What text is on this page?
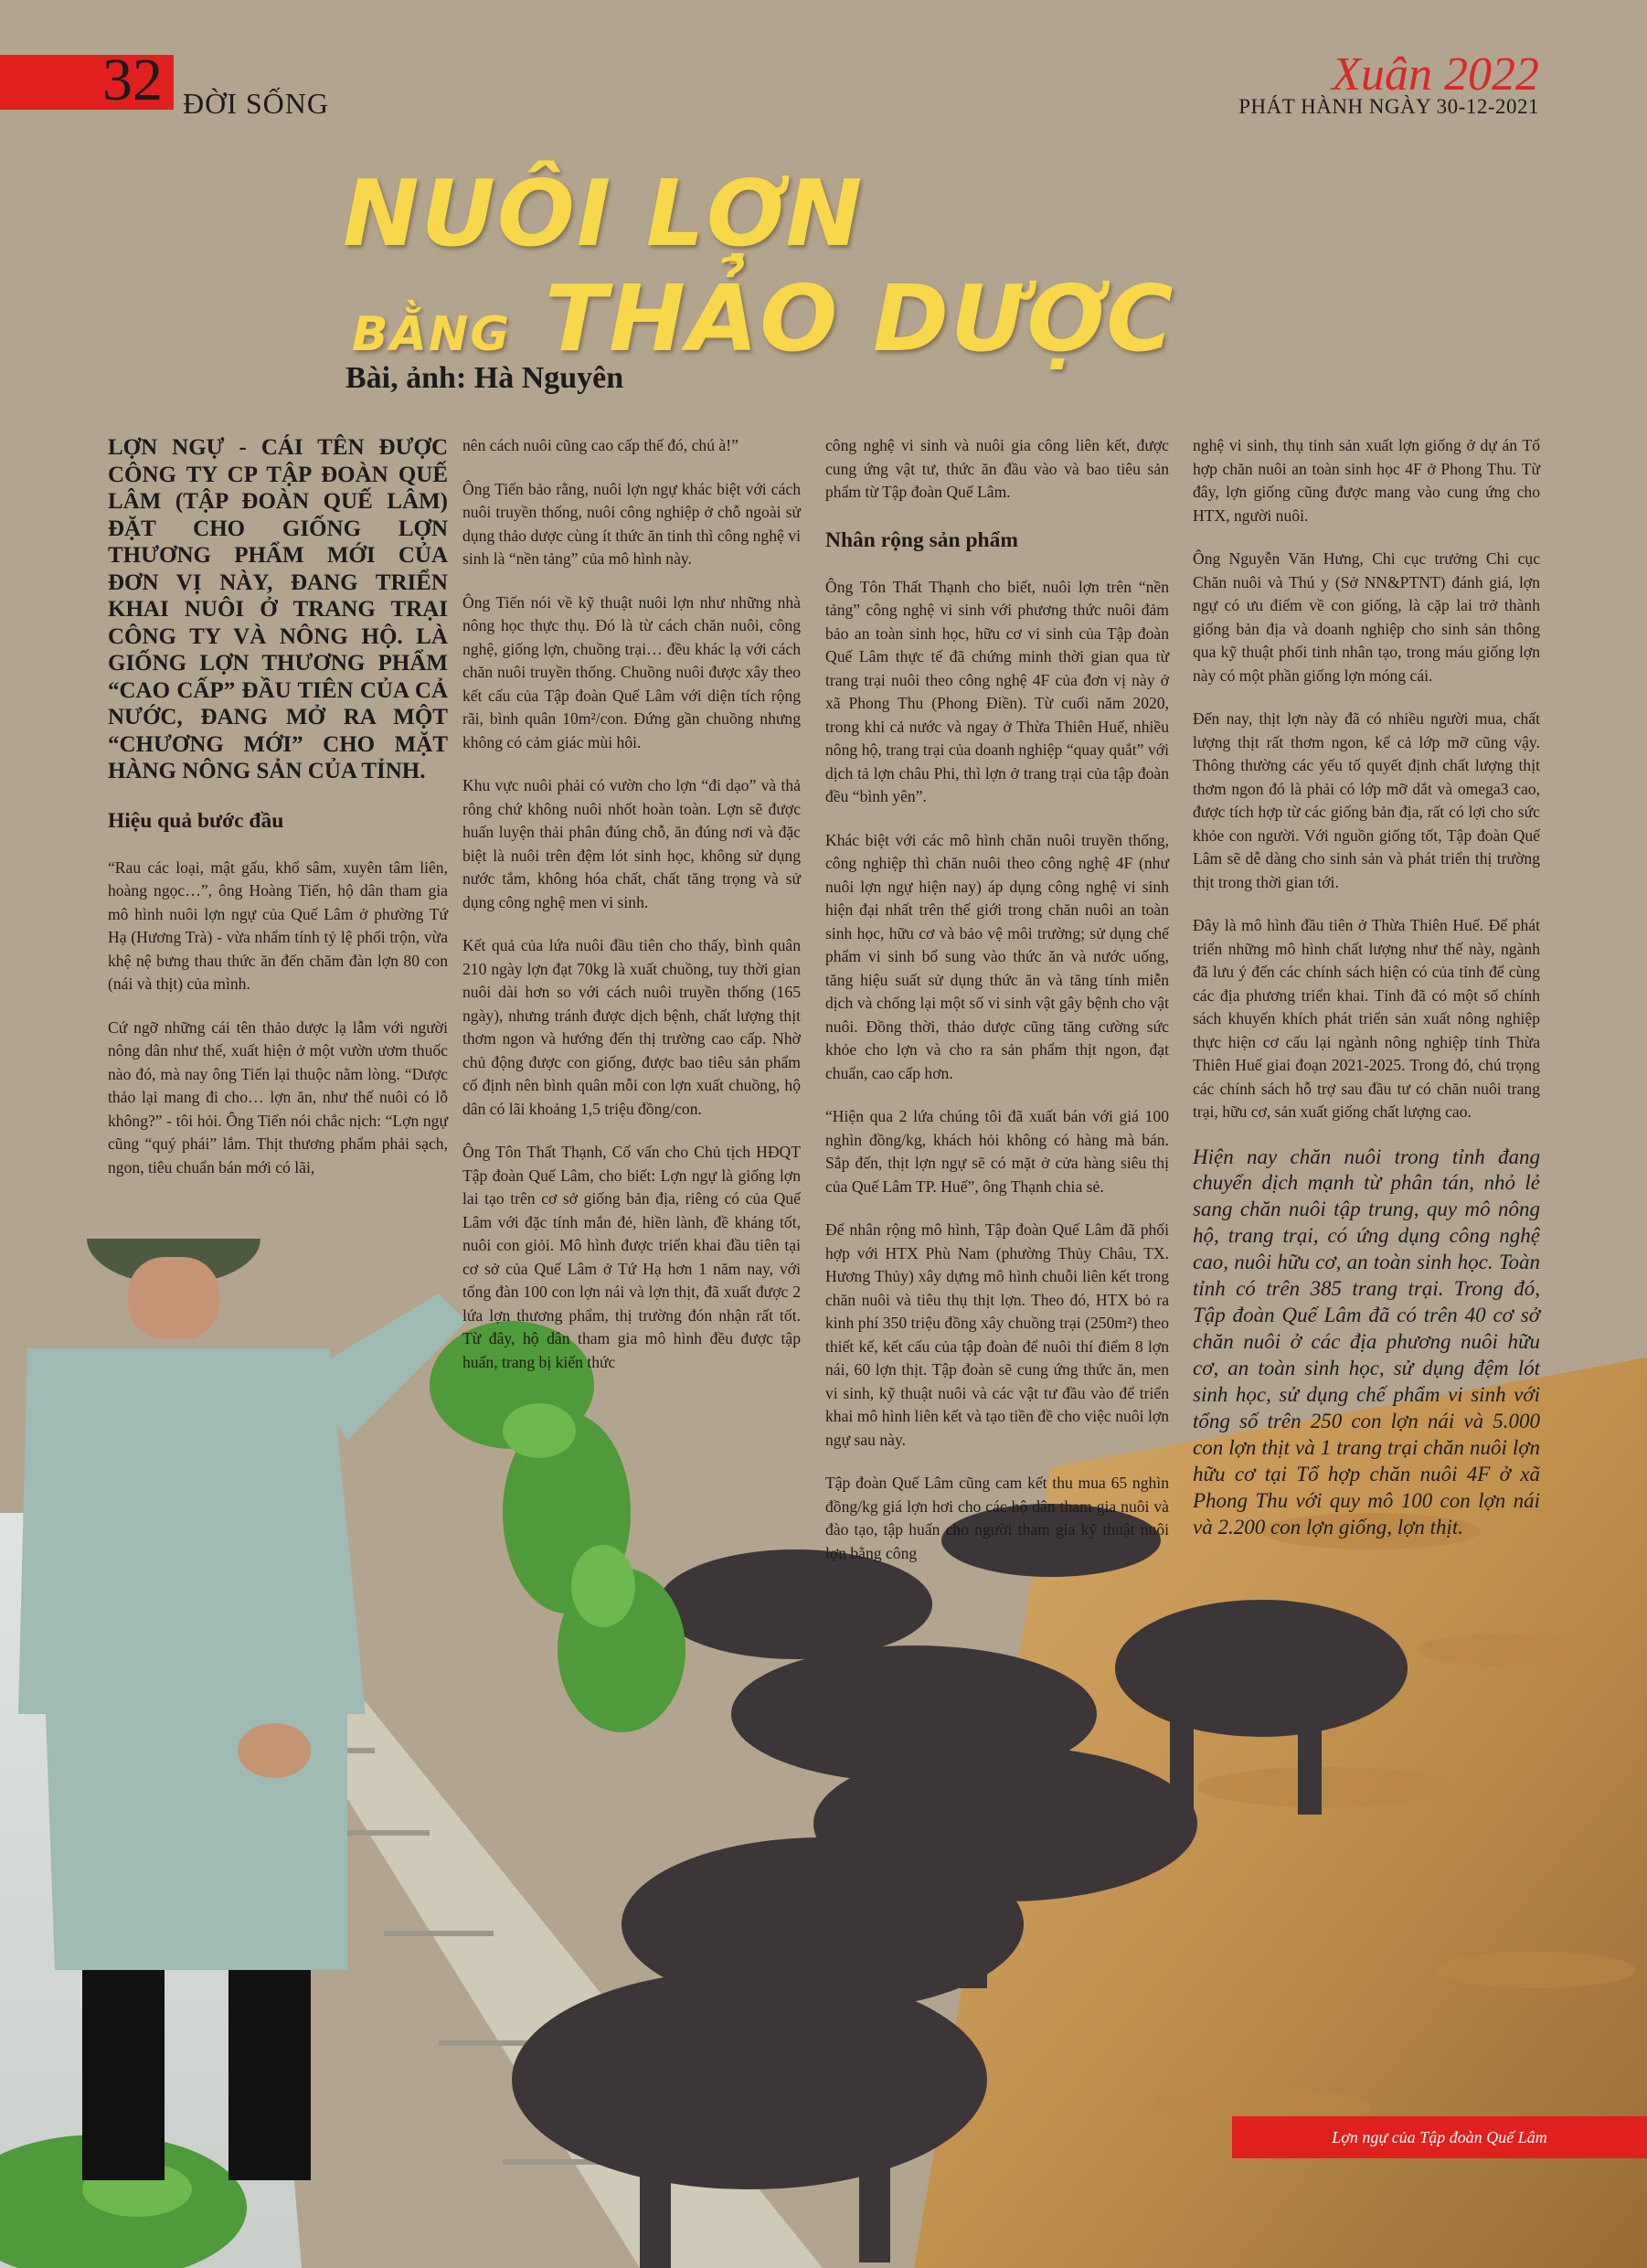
32 ĐỜI SỐNG
Xuân 2022
PHÁT HÀNH NGÀY 30-12-2021
NUÔI LỢN
BẰNG THẢO DƯỢC
Bài, ảnh: Hà Nguyên

LỢN NGỰ - CÁI TÊN ĐƯỢC CÔNG TY CP TẬP ĐOÀN QUẾ LÂM (TẬP ĐOÀN QUẾ LÂM) ĐẶT CHO GIỐNG LỢN THƯƠNG PHẨM MỚI CỦA ĐƠN VỊ NÀY, ĐANG TRIỂN KHAI NUÔI Ở TRANG TRẠI CÔNG TY VÀ NÔNG HỘ. LÀ GIỐNG LỢN THƯƠNG PHẨM “CAO CẤP” ĐẦU TIÊN CỦA CẢ NƯỚC, ĐANG MỞ RA MỘT “CHƯƠNG MỚI” CHO MẶT HÀNG NÔNG SẢN CỦA TỈNH.

Hiệu quả bước đầu

“Rau các loại, mật gấu, khổ sâm, xuyên tâm liên, hoàng ngọc…”, ông Hoàng Tiến, hộ dân tham gia mô hình nuôi lợn ngự của Quế Lâm ở phường Tứ Hạ (Hương Trà) - vừa nhẩm tính tỷ lệ phối trộn, vừa khệ nệ bưng thau thức ăn đến chăm đàn lợn 80 con (nái và thịt) của mình.

Cứ ngỡ những cái tên thảo dược lạ lẫm với người nông dân như thế, xuất hiện ở một vườn ươm thuốc nào đó, mà nay ông Tiến lại thuộc nằm lòng. “Dược thảo lại mang đi cho… lợn ăn, như thế nuôi có lỗ không?” - tôi hỏi. Ông Tiến nói chắc nịch: “Lợn ngự cũng “quý phái” lắm. Thịt thương phẩm phải sạch, ngon, tiêu chuẩn bán mới có lãi,

nên cách nuôi cũng cao cấp thế đó, chú à!”

Ông Tiến bảo rằng, nuôi lợn ngự khác biệt với cách nuôi truyền thống, nuôi công nghiệp ở chỗ ngoài sử dụng thảo dược cùng ít thức ăn tinh thì công nghệ vi sinh là “nền tảng” của mô hình này.

Ông Tiến nói về kỹ thuật nuôi lợn như những nhà nông học thực thụ. Đó là từ cách chăn nuôi, công nghệ, giống lợn, chuồng trại… đều khác lạ với cách chăn nuôi truyền thống. Chuồng nuôi được xây theo kết cấu của Tập đoàn Quế Lâm với diện tích rộng rãi, bình quân 10m²/con. Đứng gần chuồng nhưng không có cảm giác mùi hôi.

Khu vực nuôi phải có vườn cho lợn “đi dạo” và thả rông chứ không nuôi nhốt hoàn toàn. Lợn sẽ được huấn luyện thải phân đúng chỗ, ăn đúng nơi và đặc biệt là nuôi trên đệm lót sinh học, không sử dụng nước tắm, không hóa chất, chất tăng trọng và sử dụng công nghệ men vi sinh.

Kết quả của lứa nuôi đầu tiên cho thấy, bình quân 210 ngày lợn đạt 70kg là xuất chuồng, tuy thời gian nuôi dài hơn so với cách nuôi truyền thống (165 ngày), nhưng tránh được dịch bệnh, chất lượng thịt thơm ngon và hướng đến thị trường cao cấp. Nhờ chủ động được con giống, được bao tiêu sản phẩm cố định nên bình quân mỗi con lợn xuất chuồng, hộ dân có lãi khoảng 1,5 triệu đồng/con.

Ông Tôn Thất Thạnh, Cố vấn cho Chủ tịch HĐQT Tập đoàn Quế Lâm, cho biết: Lợn ngự là giống lợn lai tạo trên cơ sở giống bản địa, riêng có của Quế Lâm với đặc tính mắn đẻ, hiền lành, đề kháng tốt, nuôi con giỏi. Mô hình được triển khai đầu tiên tại cơ sở của Quế Lâm ở Tứ Hạ hơn 1 năm nay, với tổng đàn 100 con lợn nái và lợn thịt, đã xuất được 2 lứa lợn thương phẩm, thị trường đón nhận rất tốt. Từ đây, hộ dân tham gia mô hình đều được tập huấn, trang bị kiến thức

công nghệ vi sinh và nuôi gia công liên kết, được cung ứng vật tư, thức ăn đầu vào và bao tiêu sản phẩm từ Tập đoàn Quế Lâm.

Nhân rộng sản phẩm

Ông Tôn Thất Thạnh cho biết, nuôi lợn trên “nền tảng” công nghệ vi sinh với phương thức nuôi đảm bảo an toàn sinh học, hữu cơ vi sinh của Tập đoàn Quế Lâm thực tế đã chứng minh thời gian qua từ trang trại nuôi theo công nghệ 4F của đơn vị này ở xã Phong Thu (Phong Điền). Từ cuối năm 2020, trong khi cả nước và ngay ở Thừa Thiên Huế, nhiều nông hộ, trang trại của doanh nghiệp “quay quắt” với dịch tả lợn châu Phi, thì lợn ở trang trại của tập đoàn đều “bình yên”.

Khác biệt với các mô hình chăn nuôi truyền thống, công nghiệp thì chăn nuôi theo công nghệ 4F (như nuôi lợn ngự hiện nay) áp dụng công nghệ vi sinh hiện đại nhất trên thế giới trong chăn nuôi an toàn sinh học, hữu cơ và bảo vệ môi trường; sử dụng chế phẩm vi sinh bổ sung vào thức ăn và nước uống, tăng hiệu suất sử dụng thức ăn và tăng tính miễn dịch và chống lại một số vi sinh vật gây bệnh cho vật nuôi. Đồng thời, thảo dược cũng tăng cường sức khỏe cho lợn và cho ra sản phẩm thịt ngon, đạt chuẩn, cao cấp hơn.

“Hiện qua 2 lứa chúng tôi đã xuất bán với giá 100 nghìn đồng/kg, khách hỏi không có hàng mà bán. Sắp đến, thịt lợn ngự sẽ có mặt ở cửa hàng siêu thị của Quế Lâm TP. Huế”, ông Thạnh chia sẻ.

Để nhân rộng mô hình, Tập đoàn Quế Lâm đã phối hợp với HTX Phù Nam (phường Thủy Châu, TX. Hương Thủy) xây dựng mô hình chuỗi liên kết trong chăn nuôi và tiêu thụ thịt lợn. Theo đó, HTX bỏ ra kinh phí 350 triệu đồng xây chuồng trại (250m²) theo thiết kế, kết cấu của tập đoàn để nuôi thí điểm 8 lợn nái, 60 lợn thịt. Tập đoàn sẽ cung ứng thức ăn, men vi sinh, kỹ thuật nuôi và các vật tư đầu vào để triển khai mô hình liên kết và tạo tiền đề cho việc nuôi lợn ngự sau này.

Tập đoàn Quế Lâm cũng cam kết thu mua 65 nghìn đồng/kg giá lợn hơi cho các hộ dân tham gia nuôi và đào tạo, tập huấn cho người tham gia kỹ thuật nuôi lợn bằng công

nghệ vi sinh, thụ tinh sản xuất lợn giống ở dự án Tổ hợp chăn nuôi an toàn sinh học 4F ở Phong Thu. Từ đây, lợn giống cũng được mang vào cung ứng cho HTX, người nuôi.

Ông Nguyễn Văn Hưng, Chi cục trưởng Chi cục Chăn nuôi và Thú y (Sở NN&PTNT) đánh giá, lợn ngự có ưu điểm về con giống, là cặp lai trở thành giống bản địa và doanh nghiệp cho sinh sản thông qua kỹ thuật phối tinh nhân tạo, trong máu giống lợn này có một phần giống lợn móng cái.

Đến nay, thịt lợn này đã có nhiều người mua, chất lượng thịt rất thơm ngon, kể cả lớp mỡ cũng vậy. Thông thường các yếu tố quyết định chất lượng thịt thơm ngon đó là phải có lớp mỡ dắt và omega3 cao, được tích hợp từ các giống bản địa, rất có lợi cho sức khỏe con người. Với nguồn giống tốt, Tập đoàn Quế Lâm sẽ dễ dàng cho sinh sản và phát triển thị trường thịt trong thời gian tới.

Đây là mô hình đầu tiên ở Thừa Thiên Huế. Để phát triển những mô hình chất lượng như thế này, ngành đã lưu ý đến các chính sách hiện có của tỉnh để cùng các địa phương triển khai. Tỉnh đã có một số chính sách khuyến khích phát triển sản xuất nông nghiệp thực hiện cơ cấu lại ngành nông nghiệp tỉnh Thừa Thiên Huế giai đoạn 2021-2025. Trong đó, chú trọng các chính sách hỗ trợ sau đầu tư có chăn nuôi trang trại, hữu cơ, sản xuất giống chất lượng cao.

Hiện nay chăn nuôi trong tỉnh đang chuyển dịch mạnh từ phân tán, nhỏ lẻ sang chăn nuôi tập trung, quy mô nông hộ, trang trại, có ứng dụng công nghệ cao, nuôi hữu cơ, an toàn sinh học. Toàn tỉnh có trên 385 trang trại. Trong đó, Tập đoàn Quế Lâm đã có trên 40 cơ sở chăn nuôi ở các địa phương nuôi hữu cơ, an toàn sinh học, sử dụng đệm lót sinh học, sử dụng chế phẩm vi sinh với tổng số trên 250 con lợn nái và 5.000 con lợn thịt và 1 trang trại chăn nuôi lợn hữu cơ tại Tổ hợp chăn nuôi 4F ở xã Phong Thu với quy mô 100 con lợn nái và 2.200 con lợn giống, lợn thịt.

Lợn ngự của Tập đoàn Quế Lâm
